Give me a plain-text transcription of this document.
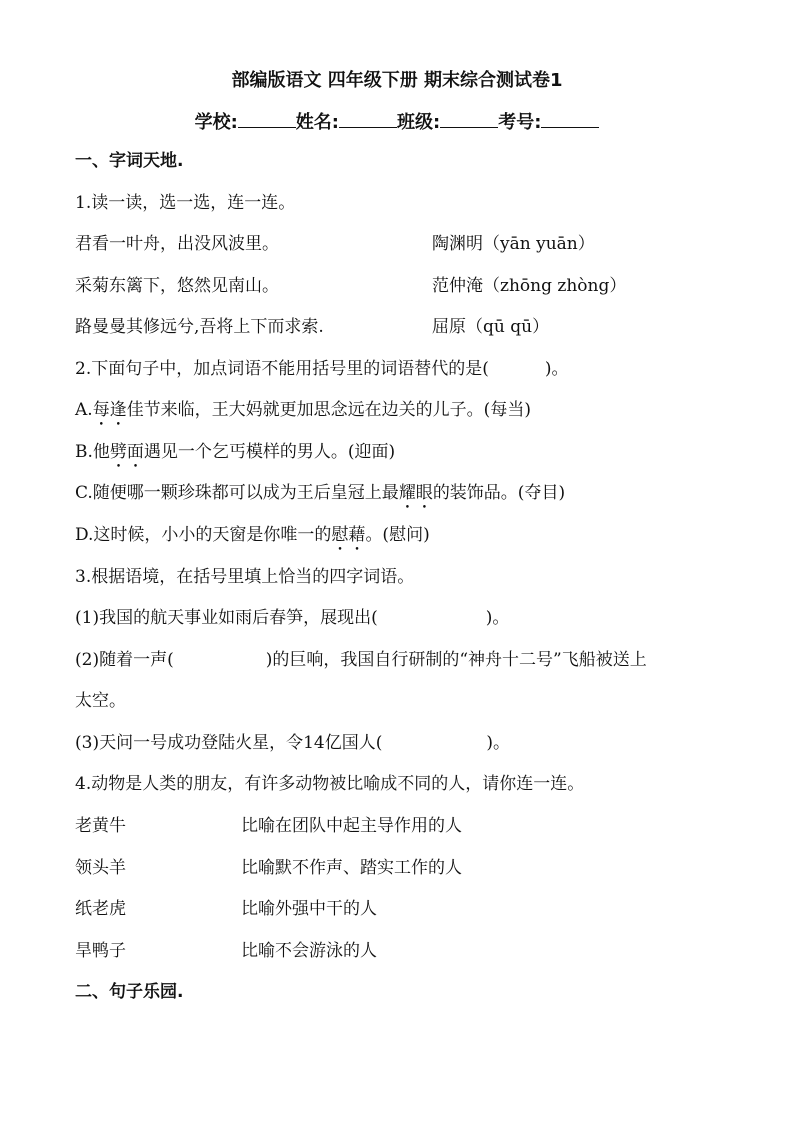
部编版语文 四年级下册 期末综合测试卷1
学校:	姓名:	班级:	考号:
一、字词天地.
1.读一读，选一选，连一连。
君看一叶舟，出没风波里。	陶渊明（yān yuān）
采菊东篱下，悠然见南山。	范仲淹（zhōng zhòng）
路曼曼其修远兮,吾将上下而求索.	屈原（qū qū）
2.下面句子中，加点词语不能用括号里的词语替代的是(	)。
A.每逢佳节来临，王大妈就更加思念远在边关的儿子。(每当)
B.他劈面遇见一个乞丐模样的男人。(迎面)
C.随便哪一颗珍珠都可以成为王后皇冠上最耀眼的装饰品。(夺目)
D.这时候，小小的天窗是你唯一的慰藉。(慰问)
3.根据语境，在括号里填上恰当的四字词语。
(1)我国的航天事业如雨后春笋，展现出(	)。
(2)随着一声(	)的巨响，我国自行研制的“神舟十二号”飞船被送上
太空。
(3)天问一号成功登陆火星，令14亿国人(	)。
4.动物是人类的朋友，有许多动物被比喻成不同的人，请你连一连。
老黄牛	比喻在团队中起主导作用的人
领头羊	比喻默不作声、踏实工作的人
纸老虎	比喻外强中干的人
旱鸭子	比喻不会游泳的人
二、句子乐园.
